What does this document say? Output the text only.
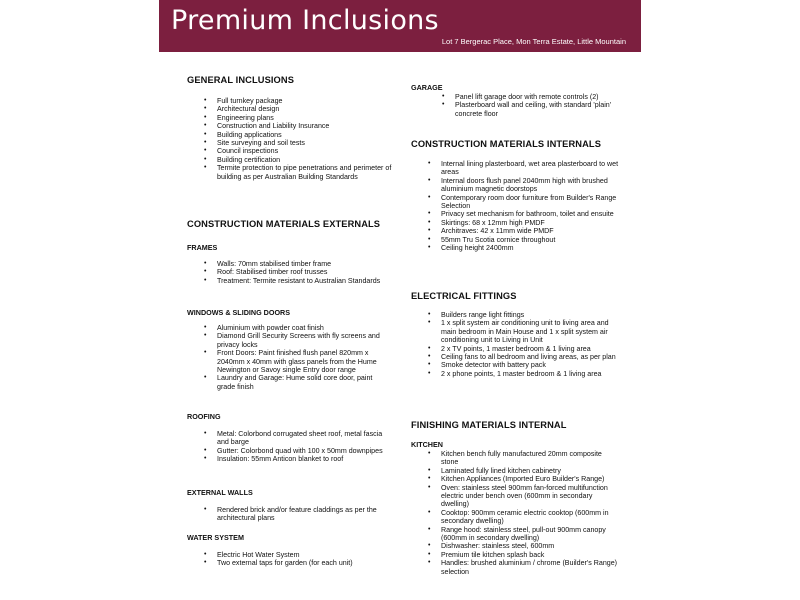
Premium Inclusions
Lot 7 Bergerac Place, Mon Terra Estate, Little Mountain
GENERAL INCLUSIONS
• Full turnkey package
• Architectural design
• Engineering plans
• Construction and Liability Insurance
• Building applications
• Site surveying and soil tests
• Council inspections
• Building certification
• Termite protection to pipe penetrations and perimeter of building as per Australian Building Standards
CONSTRUCTION MATERIALS EXTERNALS
FRAMES
• Walls: 70mm stabilised timber frame
• Roof: Stabilised timber roof trusses
• Treatment: Termite resistant to Australian Standards
WINDOWS & SLIDING DOORS
• Aluminium with powder coat finish
• Diamond Grill Security Screens with fly screens and privacy locks
• Front Doors: Paint finished flush panel 820mm x 2040mm x 40mm with glass panels from the Hume Newington or Savoy single Entry door range
• Laundry and Garage: Hume solid core door, paint grade finish
ROOFING
• Metal: Colorbond corrugated sheet roof, metal fascia and barge
• Gutter: Colorbond quad with 100 x 50mm downpipes
• Insulation: 55mm Anticon blanket to roof
EXTERNAL WALLS
• Rendered brick and/or feature claddings as per the architectural plans
WATER SYSTEM
• Electric Hot Water System
• Two external taps for garden (for each unit)
GARAGE
• Panel lift garage door with remote controls (2)
• Plasterboard wall and ceiling, with standard 'plain' concrete floor
CONSTRUCTION MATERIALS INTERNALS
• Internal lining plasterboard, wet area plasterboard to wet areas
• Internal doors flush panel 2040mm high with brushed aluminium magnetic doorstops
• Contemporary room door furniture from Builder's Range Selection
• Privacy set mechanism for bathroom, toilet and ensuite
• Skirtings: 68 x 12mm high PMDF
• Architraves: 42 x 11mm wide PMDF
• 55mm Tru Scotia cornice throughout
• Ceiling height 2400mm
ELECTRICAL FITTINGS
• Builders range light fittings
• 1 x split system air conditioning unit to living area and main bedroom in Main House and 1 x split system air conditioning unit to Living in Unit
• 2 x TV points, 1 master bedroom & 1 living area
• Ceiling fans to all bedroom and living areas, as per plan
• Smoke detector with battery pack
• 2 x phone points, 1 master bedroom & 1 living area
FINISHING MATERIALS INTERNAL
KITCHEN
• Kitchen bench fully manufactured 20mm composite stone
• Laminated fully lined kitchen cabinetry
• Kitchen Appliances (Imported Euro Builder's Range)
• Oven: stainless steel 900mm fan-forced multifunction electric under bench oven (600mm in secondary dwelling)
• Cooktop: 900mm ceramic electric cooktop (600mm in secondary dwelling)
• Range hood: stainless steel, pull-out 900mm canopy (600mm in secondary dwelling)
• Dishwasher: stainless steel, 600mm
• Premium tile kitchen splash back
• Handles: brushed aluminium / chrome (Builder's Range) selection
